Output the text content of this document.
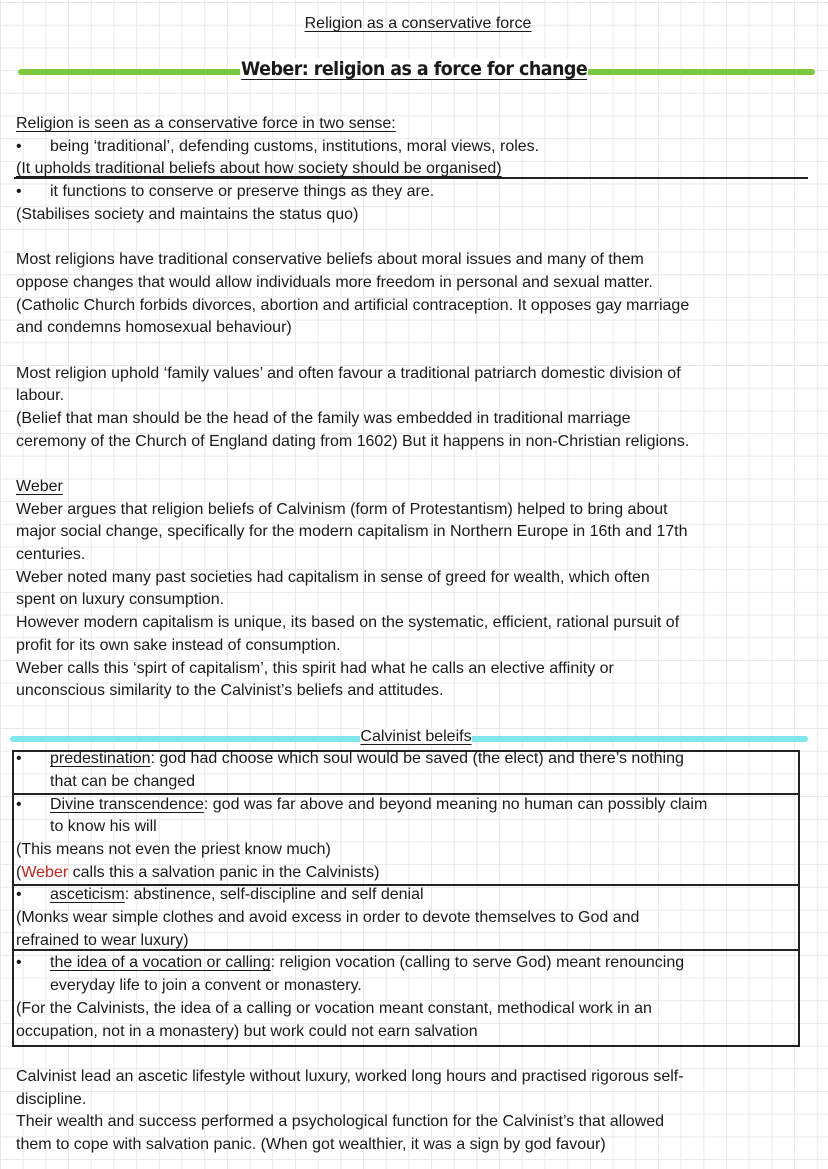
Religion as a conservative force
Weber: religion as a force for change
Religion is seen as a conservative force in two sense:
• being ‘traditional’, defending customs, institutions, moral views, roles.
(It upholds traditional beliefs about how society should be organised)
• it functions to conserve or preserve things as they are.
(Stabilises society and maintains the status quo)
Most religions have traditional conservative beliefs about moral issues and many of them
oppose changes that would allow individuals more freedom in personal and sexual matter.
(Catholic Church forbids divorces, abortion and artificial contraception. It opposes gay marriage
and condemns homosexual behaviour)
Most religion uphold ‘family values’ and often favour a traditional patriarch domestic division of
labour.
(Belief that man should be the head of the family was embedded in traditional marriage
ceremony of the Church of England dating from 1602) But it happens in non-Christian religions.
Weber
Weber argues that religion beliefs of Calvinism (form of Protestantism) helped to bring about
major social change, specifically for the modern capitalism in Northern Europe in 16th and 17th
centuries.
Weber noted many past societies had capitalism in sense of greed for wealth, which often
spent on luxury consumption.
However modern capitalism is unique, its based on the systematic, efficient, rational pursuit of
profit for its own sake instead of consumption.
Weber calls this ‘spirt of capitalism’, this spirit had what he calls an elective affinity or
unconscious similarity to the Calvinist’s beliefs and attitudes.
Calvinist beleifs
• predestination: god had choose which soul would be saved (the elect) and there’s nothing
that can be changed
• Divine transcendence: god was far above and beyond meaning no human can possibly claim
to know his will
(This means not even the priest know much)
(Weber calls this a salvation panic in the Calvinists)
• asceticism: abstinence, self-discipline and self denial
(Monks wear simple clothes and avoid excess in order to devote themselves to God and
refrained to wear luxury)
• the idea of a vocation or calling: religion vocation (calling to serve God) meant renouncing
everyday life to join a convent or monastery.
(For the Calvinists, the idea of a calling or vocation meant constant, methodical work in an
occupation, not in a monastery) but work could not earn salvation
Calvinist lead an ascetic lifestyle without luxury, worked long hours and practised rigorous self-
discipline.
Their wealth and success performed a psychological function for the Calvinist’s that allowed
them to cope with salvation panic. (When got wealthier, it was a sign by god favour)
